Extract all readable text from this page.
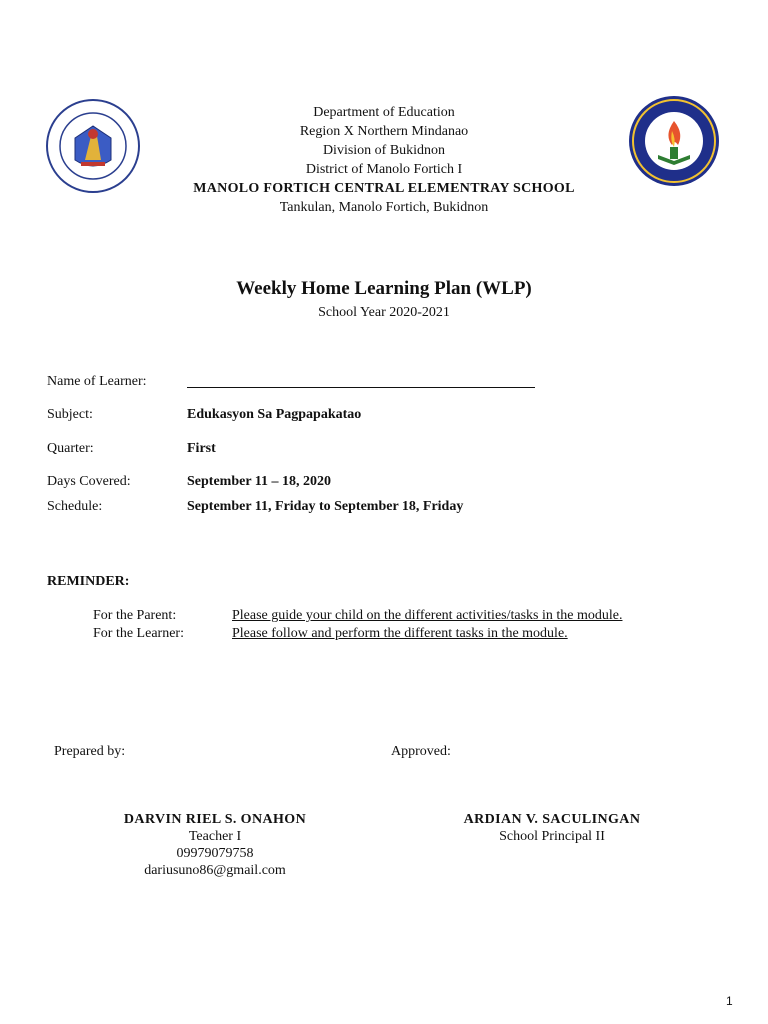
Department of Education
Region X Northern Mindanao
Division of Bukidnon
District of Manolo Fortich I
MANOLO FORTICH CENTRAL ELEMENTRAY SCHOOL
Tankulan, Manolo Fortich, Bukidnon
Weekly Home Learning Plan (WLP)
School Year 2020-2021
Name of Learner:
Subject:	Edukasyon Sa Pagpapakatao
Quarter:	First
Days Covered:	September 11 – 18, 2020
Schedule:	September 11, Friday to September 18, Friday
REMINDER:
For the Parent:	Please guide your child on the different activities/tasks in the module.
For the Learner:	Please follow and perform the different tasks in the module.
Prepared by:	Approved:
DARVIN RIEL S. ONAHON
Teacher I
09979079758
dariusuno86@gmail.com
ARDIAN V. SACULINGAN
School Principal II
1
